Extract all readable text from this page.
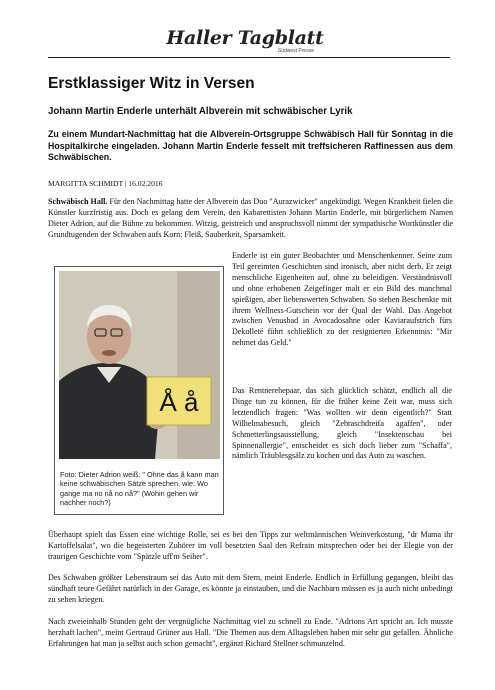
Haller Tagblatt
Südwest Presse
Erstklassiger Witz in Versen
Johann Martin Enderle unterhält Albverein mit schwäbischer Lyrik

Zu einem Mundart-Nachmittag hat die Albverein-Ortsgruppe Schwäbisch Hall für Sonntag in die Hospitalkirche eingeladen. Johann Martin Enderle fesselt mit treffsicheren Raffinessen aus dem Schwäbischen.

MARGITTA SCHMIDT | 16.02.2016

Schwäbisch Hall. Für den Nachmittag hatte der Albverein das Duo "Aurazwicker" angekündigt. Wegen Krankheit fielen die Künstler kurzfristig aus. Doch es gelang dem Verein, den Kabarettisten Johann Martin Enderle, mit bürgerlichem Namen Dieter Adrion, auf die Bühne zu bekommen. Witzig, geistreich und anspruchsvoll nimmt der sympathische Wortkünstler die Grundtugenden der Schwaben aufs Korn: Fleiß, Sauberkeit, Sparsamkeit.

Å å
Foto: Dieter Adrion weiß: " Ohne das å kann man keine schwäbischen Sätze sprechen, wie: Wo gange ma no nå no nå?" (Wohin gehen wir nachher noch?)

Enderle ist ein guter Beobachter und Menschenkenner. Seine zum Teil gereimten Geschichten sind ironisch, aber nicht derb. Er zeigt menschliche Eigenheiten auf, ohne zu beleidigen. Verständnisvoll und ohne erhobenen Zeigefinger malt er ein Bild des manchmal spießigen, aber liebenswerten Schwaben. So stehen Beschenkte mit ihrem Wellness-Gutschein vor der Qual der Wahl. Das Angebot zwischen Venusbad in Avocadosahne oder Kaviaraufstrich fürs Dekolleté führt schließlich zu der resignierten Erkenntnis: "Mir nehmet das Geld."

Das Rentnerehepaar, das sich glücklich schätzt, endlich all die Dinge tun zu können, für die früher keine Zeit war, muss sich letztendlich fragen: "Was wollten wir denn eigentlich?" Statt Wilhelmabesuch, gleich "Zebraschdreifa agaffen", oder Schmetterlingsausstellung, gleich "Insektenschau bei Spinnenallergie", entscheidet es sich doch lieber zum "Schaffa", nämlich Träublesgsälz zu kochen und das Auto zu waschen.

Überhaupt spielt das Essen eine wichtige Rolle, sei es bei den Tipps zur weltmännischen Weinverkostung, "dr Mama ihr Kartoffelsalat", wo die begeisterten Zuhörer im voll besetzten Saal den Refrain mitsprechen oder bei der Elegie von der traurigen Geschichte vom "Spätzle uff'm Seiher".

Des Schwaben größter Lebenstraum sei das Auto mit dem Stern, meint Enderle. Endlich in Erfüllung gegangen, bleibt das sündhaft teure Gefährt natürlich in der Garage, es könnte ja einstauben, und die Nachbarn müssen es ja auch nicht unbedingt zu sehen kriegen.

Nach zweieinhalb Stunden geht der vergnügliche Nachmittag viel zu schnell zu Ende. "Adrions Art spricht an. Ich musste herzhaft lachen", meint Gertraud Grüner aus Hall. "Die Themen aus dem Alltagsleben haben mir sehr gut gefallen. Ähnliche Erfahrungen hat man ja selbst auch schon gemacht", ergänzt Richard Stellner schmunzelnd.
